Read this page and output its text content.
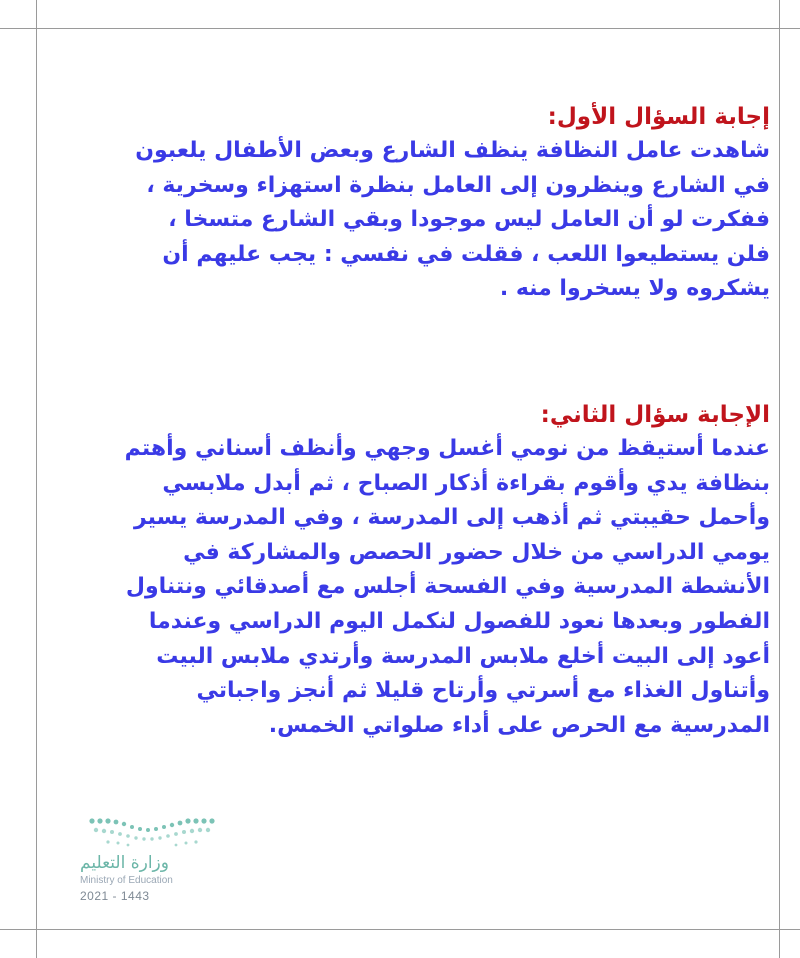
إجابة السؤال الأول:

شاهدت عامل النظافة ينظف الشارع وبعض الأطفال يلعبون

في الشارع وينظرون إلى العامل بنظرة استهزاء وسخرية ،

ففكرت لو أن العامل ليس موجودا وبقي الشارع متسخا ،

فلن يستطيعوا اللعب ، فقلت في نفسي : يجب عليهم أن

يشكروه ولا يسخروا منه .

الإجابة سؤال الثاني:

عندما أستيقظ من نومي أغسل وجهي وأنظف أسناني وأهتم

بنظافة يدي وأقوم بقراءة أذكار الصباح ، ثم أبدل ملابسي

وأحمل حقيبتي ثم أذهب إلى المدرسة ، وفي المدرسة يسير

يومي الدراسي من خلال حضور الحصص والمشاركة في

الأنشطة المدرسية وفي الفسحة أجلس مع أصدقائي ونتناول

الفطور وبعدها نعود للفصول لنكمل اليوم الدراسي وعندما

أعود إلى البيت أخلع ملابس المدرسة وأرتدي ملابس البيت

وأتناول الغذاء مع أسرتي وأرتاح قليلا ثم أنجز واجباتي

المدرسية مع الحرص على أداء صلواتي الخمس.

وزارة التعليم
Ministry of Education
2021 - 1443
